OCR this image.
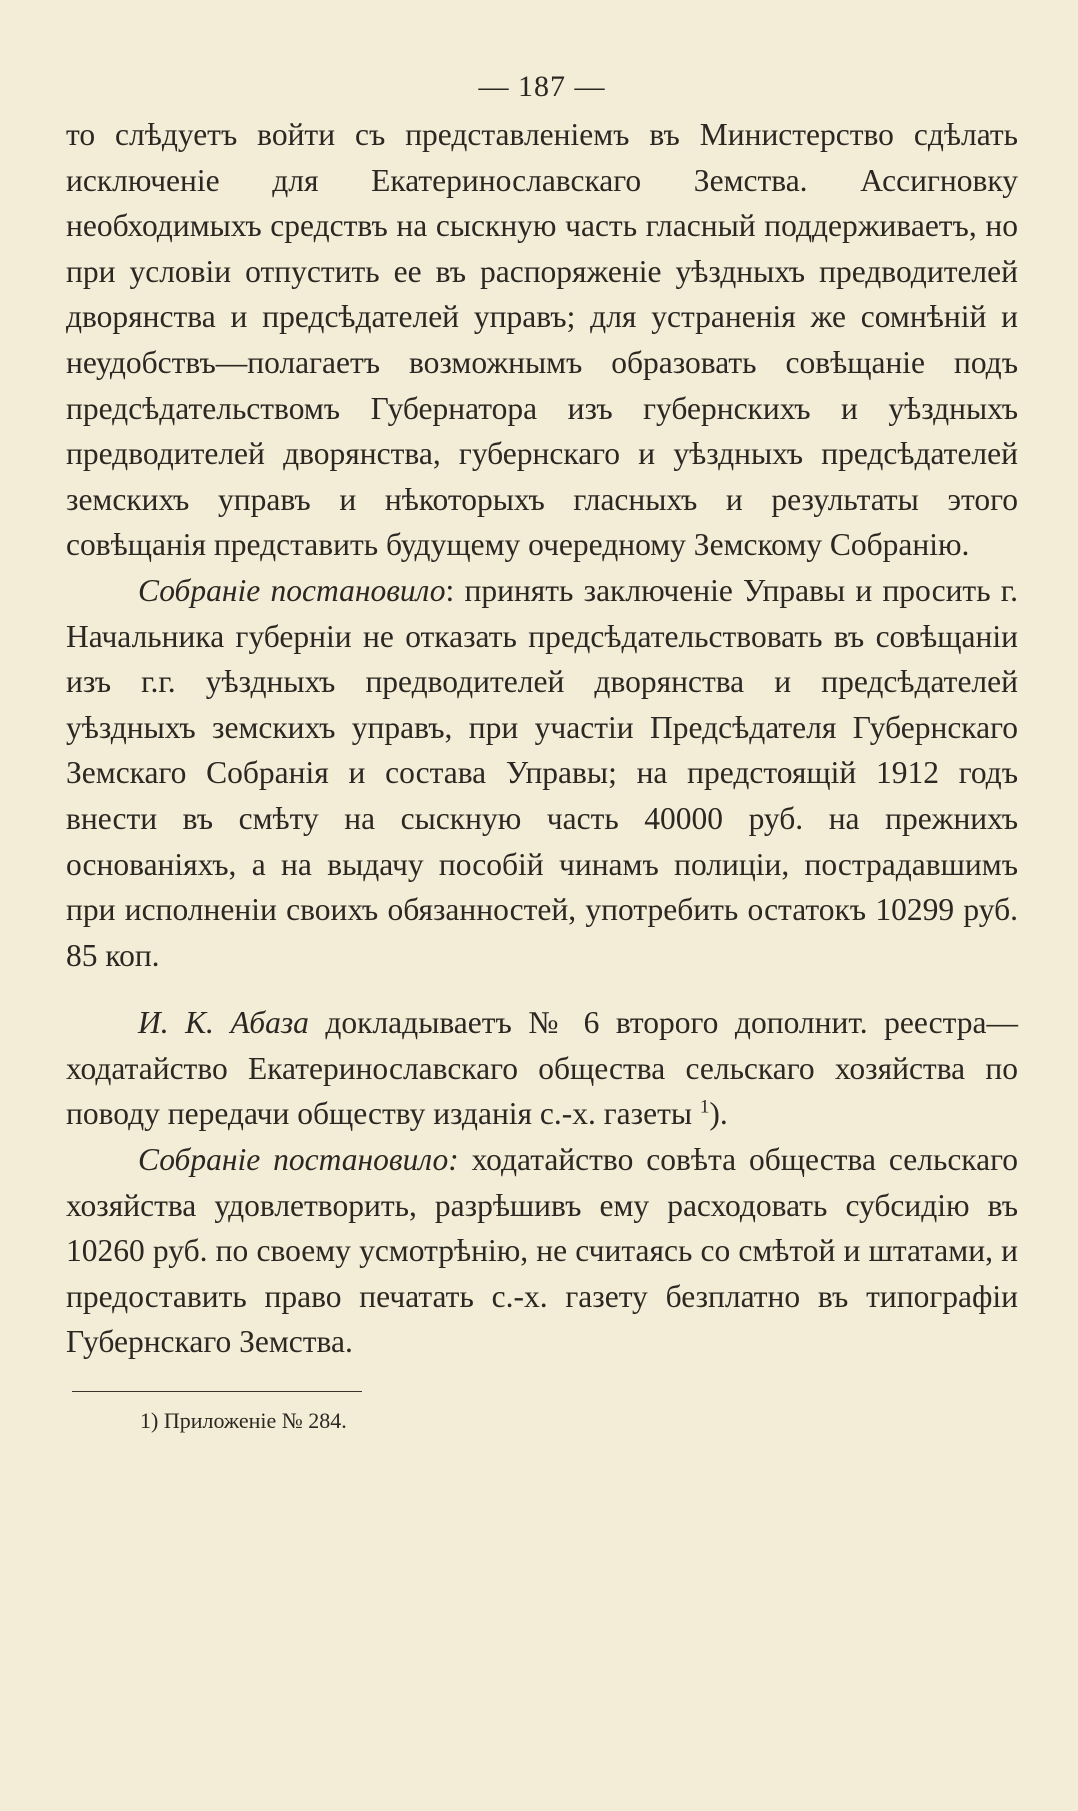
— 187 —

то слѣдуетъ войти съ представленіемъ въ Министерство сдѣлать исключеніе для Екатеринославскаго Земства. Ассигновку необходимыхъ средствъ на сыскную часть гласный поддерживаетъ, но при условіи отпустить ее въ распоряженіе уѣздныхъ предводителей дворянства и предсѣдателей управъ; для устраненія же сомнѣній и неудобствъ—полагаетъ возможнымъ образовать совѣщаніе подъ предсѣдательствомъ Губернатора изъ губернскихъ и уѣздныхъ предводителей дворянства, губернскаго и уѣздныхъ предсѣдателей земскихъ управъ и нѣкоторыхъ гласныхъ и результаты этого совѣщанія представить будущему очередному Земскому Собранію.

Собраніе постановило: принять заключеніе Управы и просить г. Начальника губерніи не отказать предсѣдательствовать въ совѣщаніи изъ г.г. уѣздныхъ предводителей дворянства и предсѣдателей уѣздныхъ земскихъ управъ, при участіи Предсѣдателя Губернскаго Земскаго Собранія и состава Управы; на предстоящій 1912 годъ внести въ смѣту на сыскную часть 40000 руб. на прежнихъ основаніяхъ, а на выдачу пособій чинамъ полиціи, пострадавшимъ при исполненіи своихъ обязанностей, употребить остатокъ 10299 руб. 85 коп.

И. К. Абаза докладываетъ № 6 второго дополнит. реестра—ходатайство Екатеринославскаго общества сельскаго хозяйства по поводу передачи обществу изданія с.-х. газеты $^1$).

Собраніе постановило: ходатайство совѣта общества сельскаго хозяйства удовлетворить, разрѣшивъ ему расходовать субсидію въ 10260 руб. по своему усмотрѣнію, не считаясь со смѣтой и штатами, и предоставить право печатать с.-х. газету безплатно въ типографіи Губернскаго Земства.

1) Приложеніе № 284.
